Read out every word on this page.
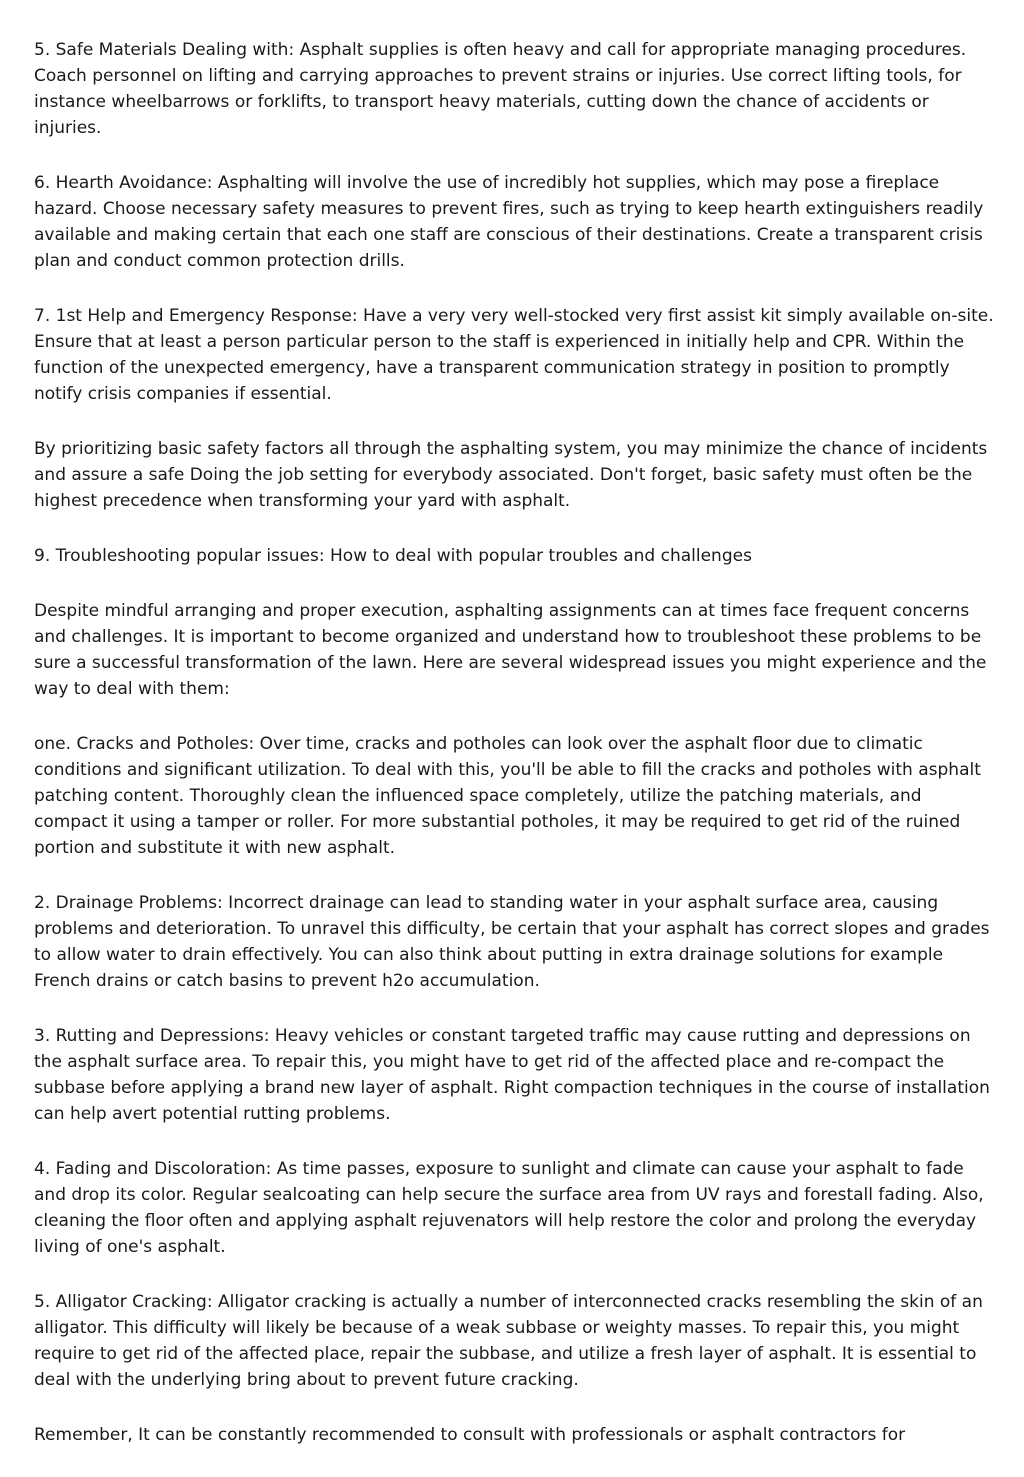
5. Safe Materials Dealing with: Asphalt supplies is often heavy and call for appropriate managing procedures. Coach personnel on lifting and carrying approaches to prevent strains or injuries. Use correct lifting tools, for instance wheelbarrows or forklifts, to transport heavy materials, cutting down the chance of accidents or injuries.

6. Hearth Avoidance: Asphalting will involve the use of incredibly hot supplies, which may pose a fireplace hazard. Choose necessary safety measures to prevent fires, such as trying to keep hearth extinguishers readily available and making certain that each one staff are conscious of their destinations. Create a transparent crisis plan and conduct common protection drills.

7. 1st Help and Emergency Response: Have a very very well-stocked very first assist kit simply available on-site. Ensure that at least a person particular person to the staff is experienced in initially help and CPR. Within the function of the unexpected emergency, have a transparent communication strategy in position to promptly notify crisis companies if essential.

By prioritizing basic safety factors all through the asphalting system, you may minimize the chance of incidents and assure a safe Doing the job setting for everybody associated. Don't forget, basic safety must often be the highest precedence when transforming your yard with asphalt.

9. Troubleshooting popular issues: How to deal with popular troubles and challenges

Despite mindful arranging and proper execution, asphalting assignments can at times face frequent concerns and challenges. It is important to become organized and understand how to troubleshoot these problems to be sure a successful transformation of the lawn. Here are several widespread issues you might experience and the way to deal with them:

one. Cracks and Potholes: Over time, cracks and potholes can look over the asphalt floor due to climatic conditions and significant utilization. To deal with this, you'll be able to fill the cracks and potholes with asphalt patching content. Thoroughly clean the influenced space completely, utilize the patching materials, and compact it using a tamper or roller. For more substantial potholes, it may be required to get rid of the ruined portion and substitute it with new asphalt.

2. Drainage Problems: Incorrect drainage can lead to standing water in your asphalt surface area, causing problems and deterioration. To unravel this difficulty, be certain that your asphalt has correct slopes and grades to allow water to drain effectively. You can also think about putting in extra drainage solutions for example French drains or catch basins to prevent h2o accumulation.

3. Rutting and Depressions: Heavy vehicles or constant targeted traffic may cause rutting and depressions on the asphalt surface area. To repair this, you might have to get rid of the affected place and re-compact the subbase before applying a brand new layer of asphalt. Right compaction techniques in the course of installation can help avert potential rutting problems.

4. Fading and Discoloration: As time passes, exposure to sunlight and climate can cause your asphalt to fade and drop its color. Regular sealcoating can help secure the surface area from UV rays and forestall fading. Also, cleaning the floor often and applying asphalt rejuvenators will help restore the color and prolong the everyday living of one's asphalt.

5. Alligator Cracking: Alligator cracking is actually a number of interconnected cracks resembling the skin of an alligator. This difficulty will likely be because of a weak subbase or weighty masses. To repair this, you might require to get rid of the affected place, repair the subbase, and utilize a fresh layer of asphalt. It is essential to deal with the underlying bring about to prevent future cracking.

Remember, It can be constantly recommended to consult with professionals or asphalt contractors for
